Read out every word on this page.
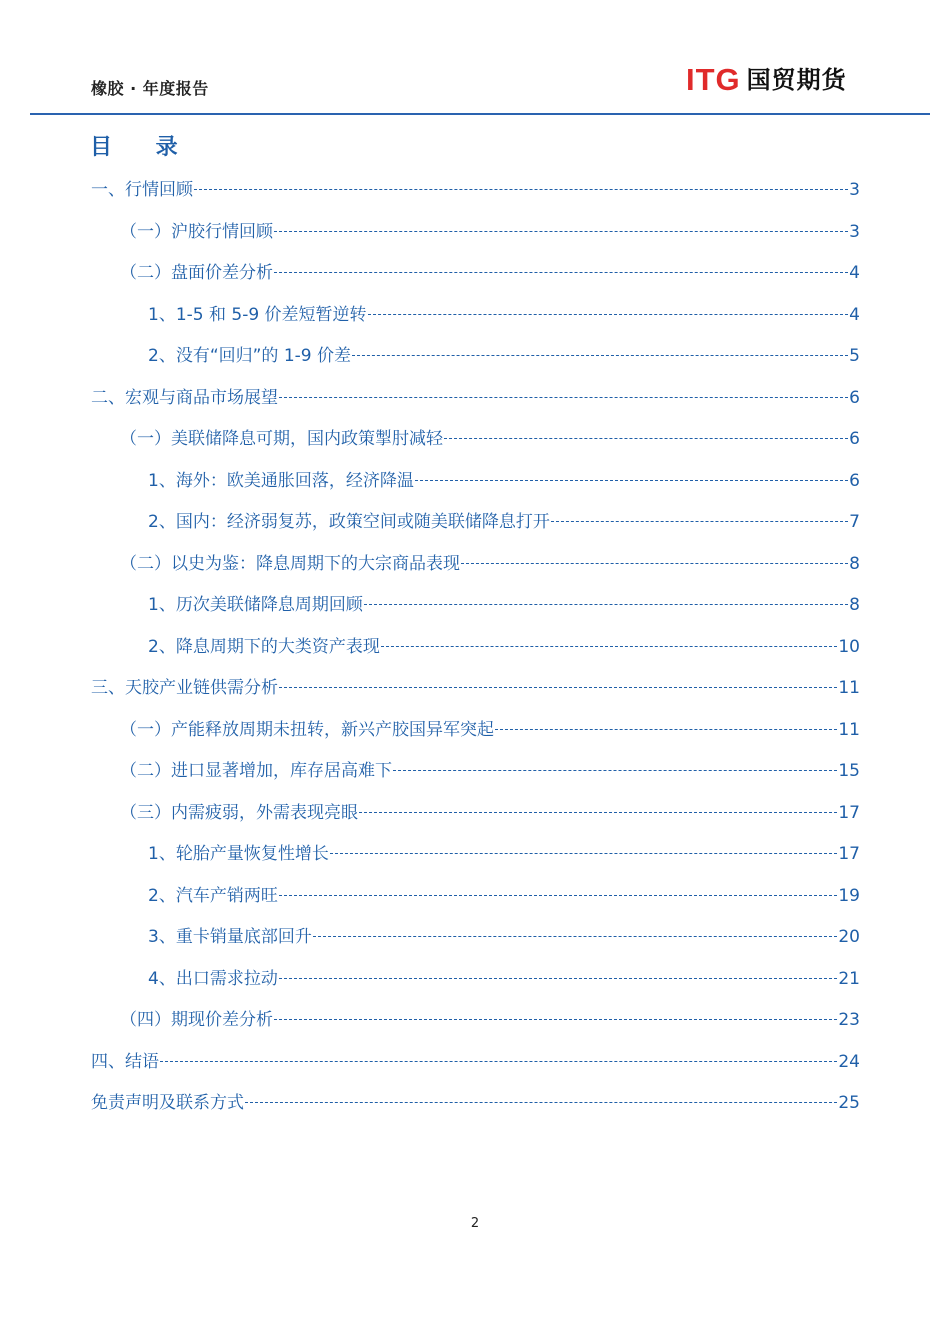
橡胶 · 年度报告	ITG 国贸期货
目 录
一、行情回顾	3
（一）沪胶行情回顾	3
（二）盘面价差分析	4
1、1-5 和 5-9 价差短暂逆转	4
2、没有“回归”的 1-9 价差	5
二、宏观与商品市场展望	6
（一）美联储降息可期，国内政策掣肘减轻	6
1、海外：欧美通胀回落，经济降温	6
2、国内：经济弱复苏，政策空间或随美联储降息打开	7
（二）以史为鉴：降息周期下的大宗商品表现	8
1、历次美联储降息周期回顾	8
2、降息周期下的大类资产表现	10
三、天胶产业链供需分析	11
（一）产能释放周期未扭转，新兴产胶国异军突起	11
（二）进口显著增加，库存居高难下	15
（三）内需疲弱，外需表现亮眼	17
1、轮胎产量恢复性增长	17
2、汽车产销两旺	19
3、重卡销量底部回升	20
4、出口需求拉动	21
（四）期现价差分析	23
四、结语	24
免责声明及联系方式	25
2
